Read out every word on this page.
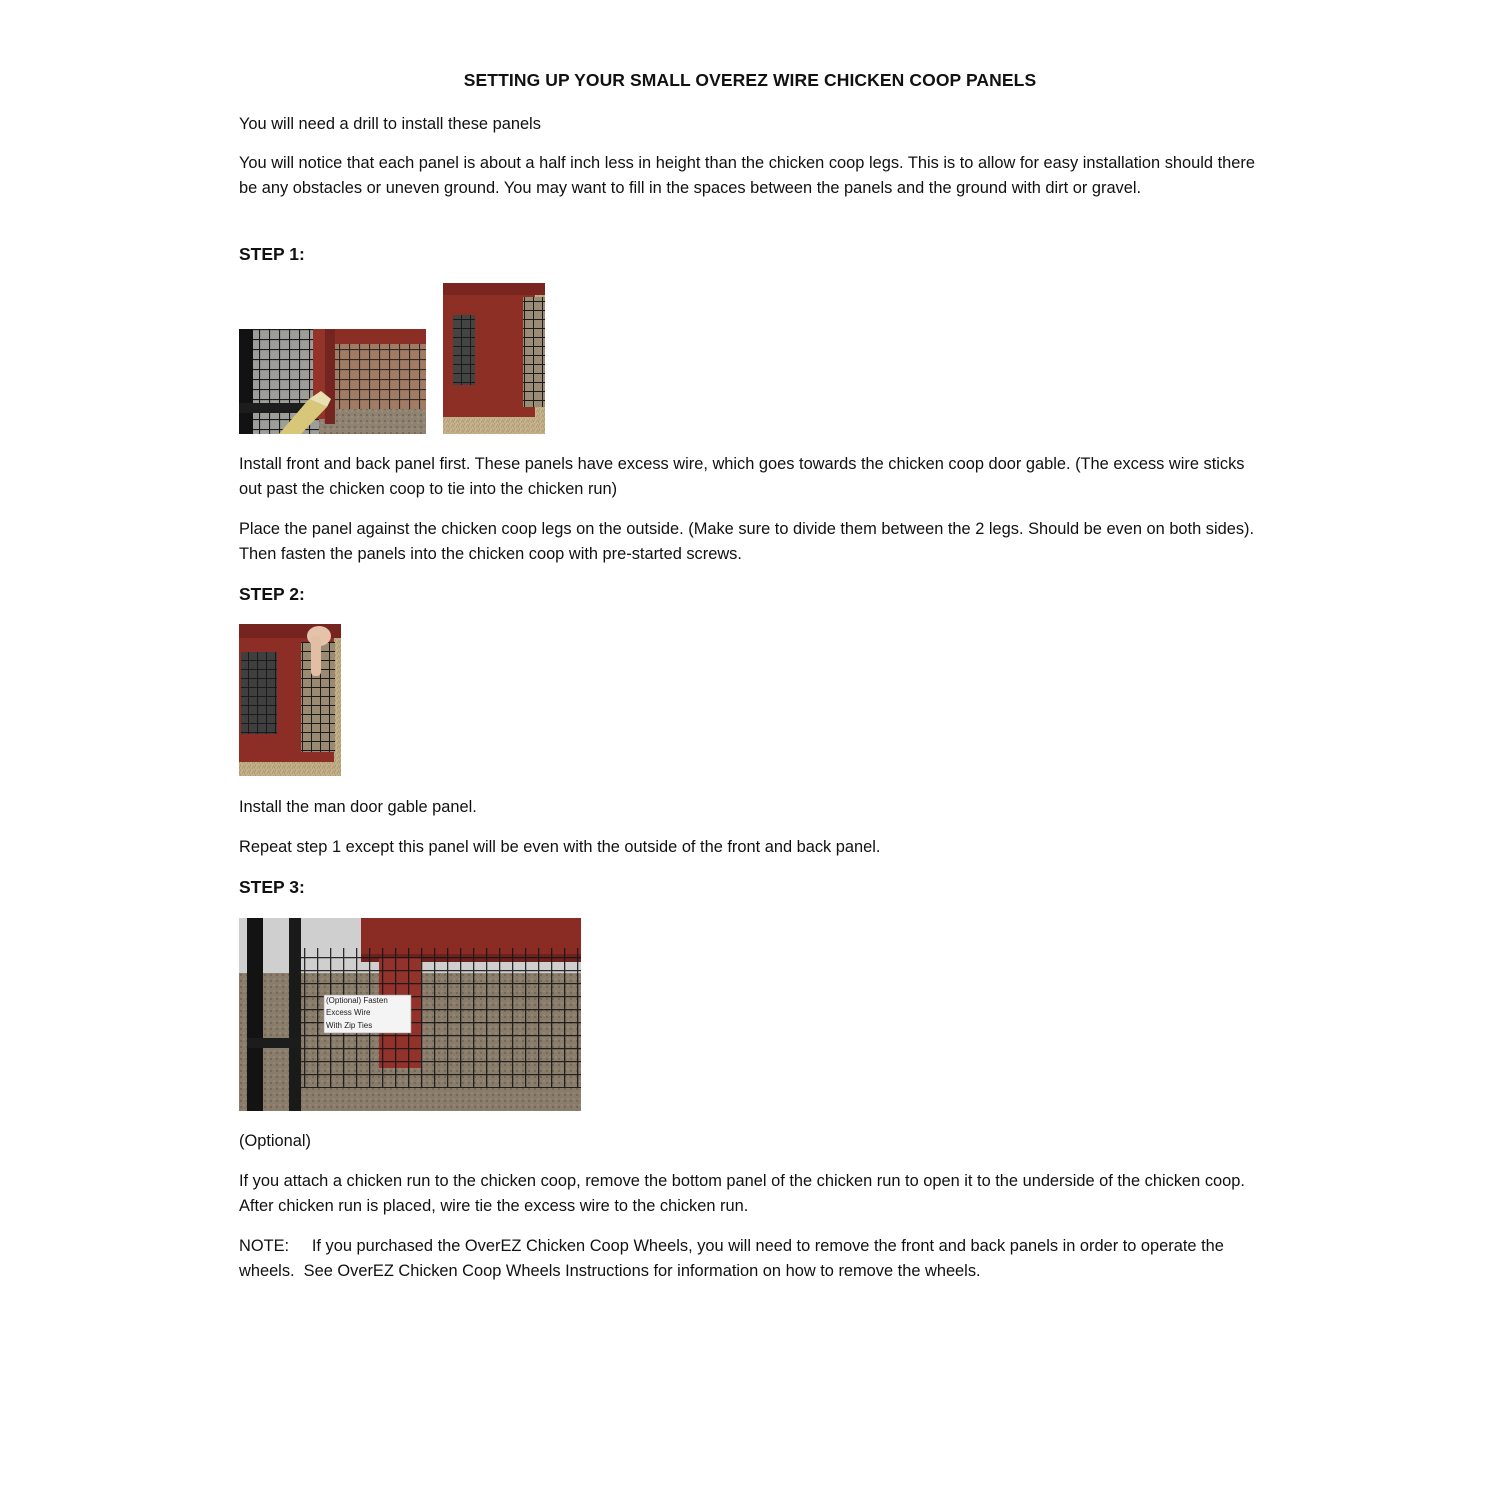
SETTING UP YOUR SMALL OVEREZ WIRE CHICKEN COOP PANELS

You will need a drill to install these panels

You will notice that each panel is about a half inch less in height than the chicken coop legs. This is to allow for easy installation should there be any obstacles or uneven ground. You may want to fill in the spaces between the panels and the ground with dirt or gravel.

STEP 1:

Install front and back panel first. These panels have excess wire, which goes towards the chicken coop door gable. (The excess wire sticks out past the chicken coop to tie into the chicken run)

Place the panel against the chicken coop legs on the outside. (Make sure to divide them between the 2 legs. Should be even on both sides). Then fasten the panels into the chicken coop with pre-started screws.

STEP 2:

Install the man door gable panel.

Repeat step 1 except this panel will be even with the outside of the front and back panel.

STEP 3:
(Optional) Fasten
Excess Wire
With Zip Ties

(Optional)

If you attach a chicken run to the chicken coop, remove the bottom panel of the chicken run to open it to the underside of the chicken coop. After chicken run is placed, wire tie the excess wire to the chicken run.

NOTE:     If you purchased the OverEZ Chicken Coop Wheels, you will need to remove the front and back panels in order to operate the wheels.  See OverEZ Chicken Coop Wheels Instructions for information on how to remove the wheels.
